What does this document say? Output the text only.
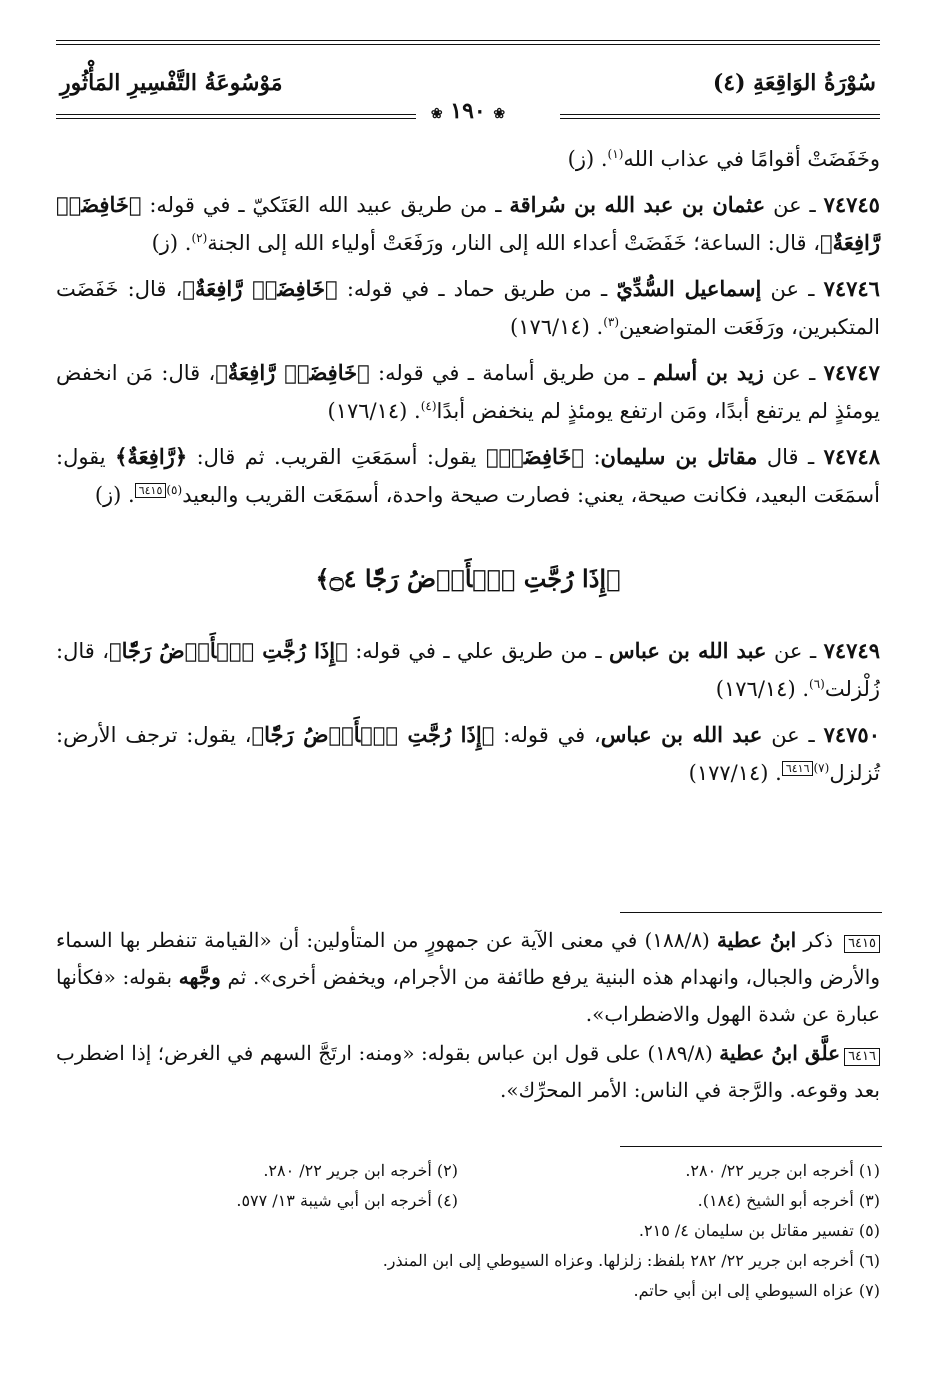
سُوْرَةُ الوَاقِعَةِ (٤)
مَوْسُوعَةُ التَّفْسِيرِ المَأْثُورِ
❀ ١٩٠ ❀

وخَفَضَتْ أقوامًا في عذاب الله$^{(١)}$. (ز)

٧٤٧٤٥ ـ عن عثمان بن عبد الله بن سُراقة ـ من طريق عبيد الله العَتَكيّ ـ في قوله: ﴿خَافِضَةٞ رَّافِعَةٌ﴾، قال: الساعة؛ خَفَضَتْ أعداء الله إلى النار، ورَفَعَتْ أولياء الله إلى الجنة$^{(٢)}$. (ز)

٧٤٧٤٦ ـ عن إسماعيل السُّدِّيّ ـ من طريق حماد ـ في قوله: ﴿خَافِضَةٞ رَّافِعَةٌ﴾، قال: خَفَضَت المتكبرين، ورَفَعَت المتواضعين$^{(٣)}$. (١٧٦/١٤)

٧٤٧٤٧ ـ عن زيد بن أسلم ـ من طريق أسامة ـ في قوله: ﴿خَافِضَةٞ رَّافِعَةٌ﴾، قال: مَن انخفض يومئذٍ لم يرتفع أبدًا، ومَن ارتفع يومئذٍ لم ينخفض أبدًا$^{(٤)}$. (١٧٦/١٤)

٧٤٧٤٨ ـ قال مقاتل بن سليمان: ﴿خَافِضَةٞ﴾ يقول: أسمَعَتِ القريب. ثم قال: ﴿رَّافِعَةٌ﴾ يقول: أسمَعَت البعيد، فكانت صيحة، يعني: فصارت صيحة واحدة، أسمَعَت القريب والبعيد$^{(٥)}$٦٤١٥. (ز)

﴿إِذَا رُجَّتِ ٱلۡأَرۡضُ رَجّٗا ۝٤﴾

٧٤٧٤٩ ـ عن عبد الله بن عباس ـ من طريق علي ـ في قوله: ﴿إِذَا رُجَّتِ ٱلۡأَرۡضُ رَجّٗا﴾، قال: زُلْزلت$^{(٦)}$. (١٧٦/١٤)

٧٤٧٥٠ ـ عن عبد الله بن عباس، في قوله: ﴿إِذَا رُجَّتِ ٱلۡأَرۡضُ رَجّٗا﴾، يقول: ترجف الأرض: تُزلزل$^{(٧)}$٦٤١٦. (١٧٧/١٤)

٦٤١٥ ذكر ابنُ عطية (١٨٨/٨) في معنى الآية عن جمهورٍ من المتأولين: أن «القيامة تنفطر بها السماء والأرض والجبال، وانهدام هذه البنية يرفع طائفة من الأجرام، ويخفض أخرى». ثم وجَّهه بقوله: «فكأنها عبارة عن شدة الهول والاضطراب».

٦٤١٦علَّق ابنُ عطية (١٨٩/٨) على قول ابن عباس بقوله: «ومنه: ارتَجَّ السهم في الغرض؛ إذا اضطرب بعد وقوعه. والرَّجة في الناس: الأمر المحرِّك».

(١) أخرجه ابن جرير ٢٢/ ٢٨٠.
(٢) أخرجه ابن جرير ٢٢/ ٢٨٠.
(٣) أخرجه أبو الشيخ (١٨٤).
(٤) أخرجه ابن أبي شيبة ١٣/ ٥٧٧.
(٥) تفسير مقاتل بن سليمان ٤/ ٢١٥.
(٦) أخرجه ابن جرير ٢٢/ ٢٨٢ بلفظ: زلزلها. وعزاه السيوطي إلى ابن المنذر.
(٧) عزاه السيوطي إلى ابن أبي حاتم.
